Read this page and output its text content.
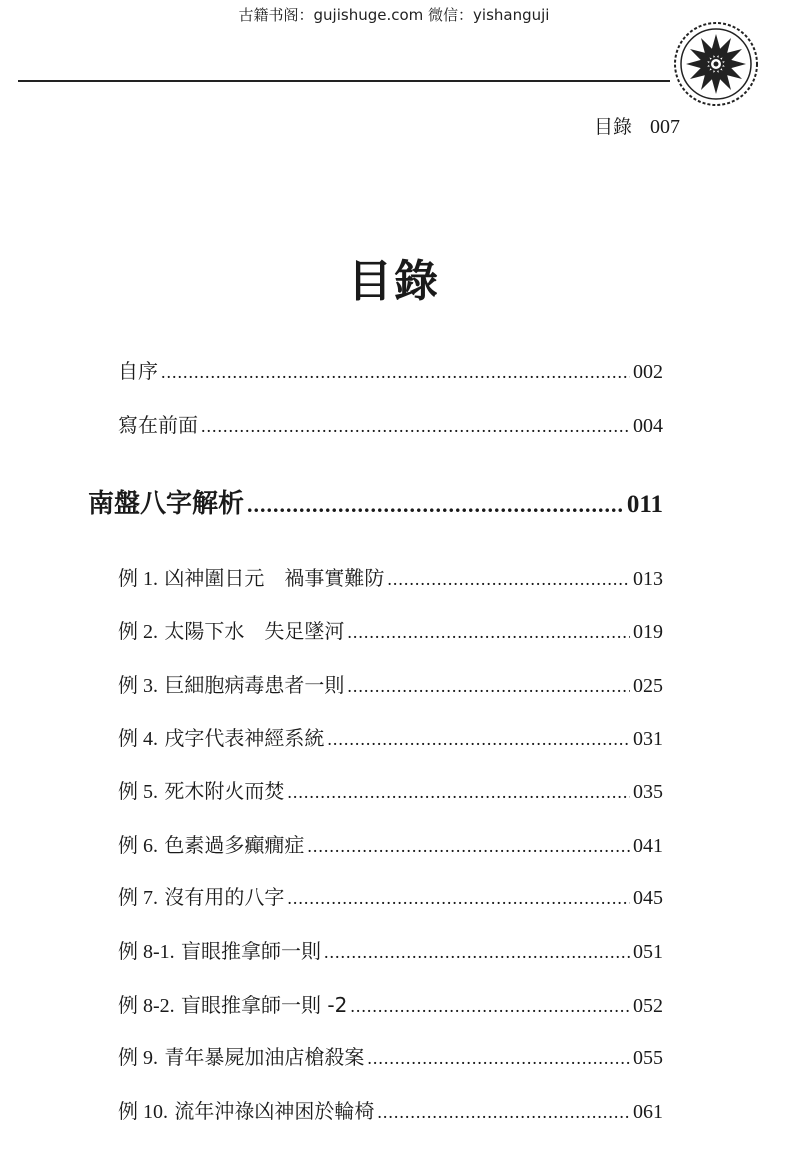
古籍书阁：gujishuge.com 微信：yishanguji
目錄 007
目錄
自序 .....	002
寫在前面 .....	004
南盤八字解析 .....	011
例 1. 凶神圍日元　禍事實難防 .....	013
例 2. 太陽下水　失足墜河 .....	019
例 3. 巨細胞病毒患者一則 .....	025
例 4. 戌字代表神經系統 .....	031
例 5. 死木附火而焚 .....	035
例 6. 色素過多癲癇症 .....	041
例 7. 沒有用的八字 .....	045
例 8-1. 盲眼推拿師一則 .....	051
例 8-2. 盲眼推拿師一則 -2 .....	052
例 9. 青年暴屍加油店槍殺案 .....	055
例 10. 流年沖祿凶神困於輪椅 .....	061
